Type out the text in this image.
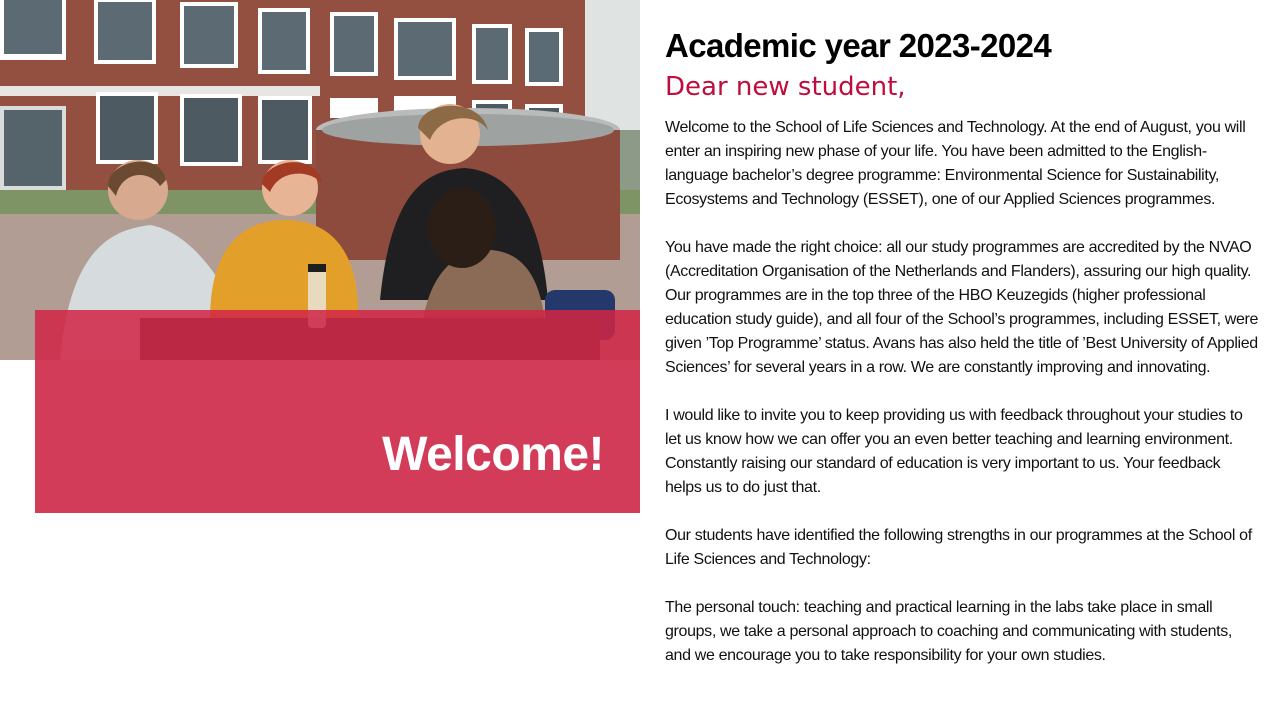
Welcome!
Academic year 2023-2024
Dear new student,

Welcome to the School of Life Sciences and Technology. At the end of August, you will enter an inspiring new phase of your life. You have been admitted to the English-language bachelor’s degree programme: Environmental Science for Sustainability, Ecosystems and Technology (ESSET), one of our Applied Sciences programmes.

You have made the right choice: all our study programmes are accredited by the NVAO (Accreditation Organisation of the Netherlands and Flanders), assuring our high quality. Our programmes are in the top three of the HBO Keuzegids (higher professional education study guide), and all four of the School’s programmes, including ESSET, were given ’Top Programme’ status. Avans has also held the title of ’Best University of Applied Sciences’ for several years in a row. We are constantly improving and innovating.

I would like to invite you to keep providing us with feedback throughout your studies to let us know how we can offer you an even better teaching and learning environment. Constantly raising our standard of education is very important to us. Your feedback helps us to do just that.

Our students have identified the following strengths in our programmes at the School of Life Sciences and Technology:

The personal touch: teaching and practical learning in the labs take place in small groups, we take a personal approach to coaching and communicating with students, and we encourage you to take responsibility for your own studies.
